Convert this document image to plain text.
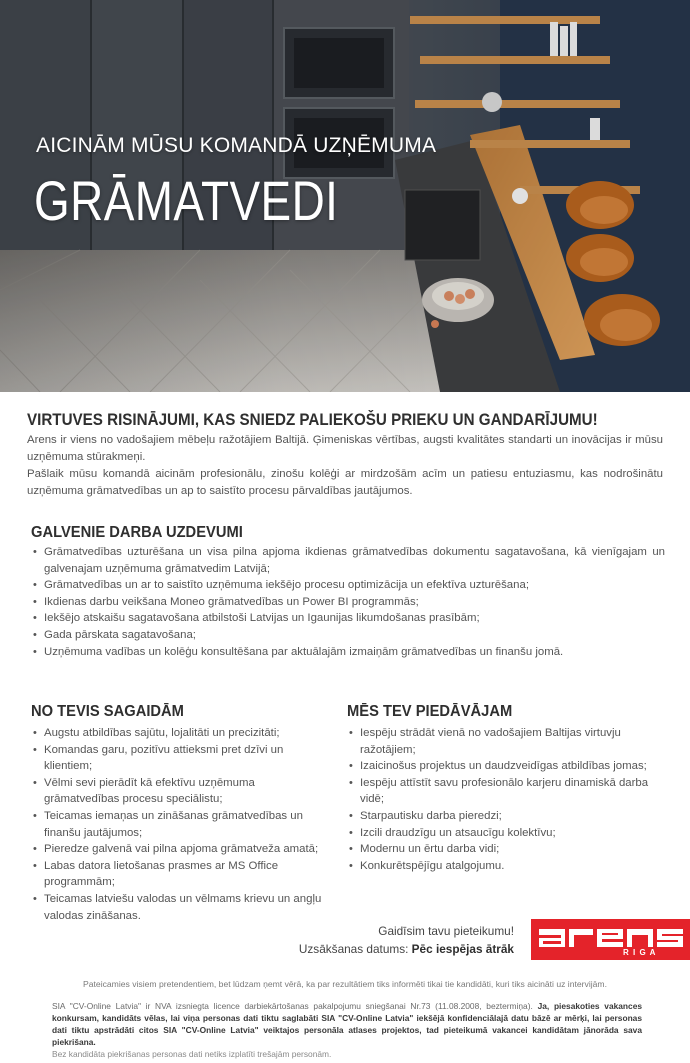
AICINĀM MŪSU KOMANDĀ UZŅĒMUMA
GRĀMATVEDI
VIRTUVES RISINĀJUMI, KAS SNIEDZ PALIEKOŠU PRIEKU UN GANDARĪJUMU!

Arens ir viens no vadošajiem mēbeļu ražotājiem Baltijā. Ģimeniskas vērtības, augsti kvalitātes standarti un inovācijas ir mūsu uzņēmuma stūrakmeņi.

Pašlaik mūsu komandā aicinām profesionālu, zinošu kolēģi ar mirdzošām acīm un patiesu entuziasmu, kas nodrošinātu uzņēmuma grāmatvedības un ap to saistīto procesu pārvaldības jautājumos.

GALVENIE DARBA UZDEVUMI
• Grāmatvedības uzturēšana un visa pilna apjoma ikdienas grāmatvedības dokumentu sagatavošana, kā vienīgajam un galvenajam uzņēmuma grāmatvedim Latvijā;
• Grāmatvedības un ar to saistīto uzņēmuma iekšējo procesu optimizācija un efektīva uzturēšana;
• Ikdienas darbu veikšana Moneo grāmatvedības un Power BI programmās;
• Iekšējo atskaišu sagatavošana atbilstoši Latvijas un Igaunijas likumdošanas prasībām;
• Gada pārskata sagatavošana;
• Uzņēmuma vadības un kolēģu konsultēšana par aktuālajām izmaiņām grāmatvedības un finanšu jomā.
NO TEVIS SAGAIDĀM
• Augstu atbildības sajūtu, lojalitāti un precizitāti;
• Komandas garu, pozitīvu attieksmi pret dzīvi un klientiem;
• Vēlmi sevi pierādīt kā efektīvu uzņēmuma grāmatvedības procesu speciālistu;
• Teicamas iemaņas un zināšanas grāmatvedības un finanšu jautājumos;
• Pieredze galvenā vai pilna apjoma grāmatveža amatā;
• Labas datora lietošanas prasmes ar MS Office programmām;
• Teicamas latviešu valodas un vēlmams krievu un angļu valodas zināšanas.
MĒS TEV PIEDĀVĀJAM
• Iespēju strādāt vienā no vadošajiem Baltijas virtuvju ražotājiem;
• Izaicinošus projektus un daudzveidīgas atbildības jomas;
• Iespēju attīstīt savu profesionālo karjeru dinamiskā darba vidē;
• Starpautisku darba pieredzi;
• Izcili draudzīgu un atsaucīgu kolektīvu;
• Modernu un ērtu darba vidi;
• Konkurētspējīgu atalgojumu.
Gaidīsim tavu pieteikumu!
Uzsākšanas datums: Pēc iespējas ātrāk	R I G A
Pateicamies visiem pretendentiem, bet lūdzam ņemt vērā, ka par rezultātiem tiks informēti tikai tie kandidāti, kuri tiks aicināti uz intervijām.
SIA "CV-Online Latvia" ir NVA izsniegta licence darbiekārtošanas pakalpojumu sniegšanai Nr.73 (11.08.2008, beztermiņa). Ja, piesakoties vakances konkursam, kandidāts vēlas, lai viņa personas dati tiktu saglabāti SIA "CV-Online Latvia" iekšējā konfidenciālajā datu bāzē ar mērķi, lai personas dati tiktu apstrādāti citos SIA "CV-Online Latvia" veiktajos personāla atlases projektos, tad pieteikumā vakancei kandidātam jānorāda sava piekrišana.
Bez kandidāta piekrišanas personas dati netiks izplatīti trešajām personām.
